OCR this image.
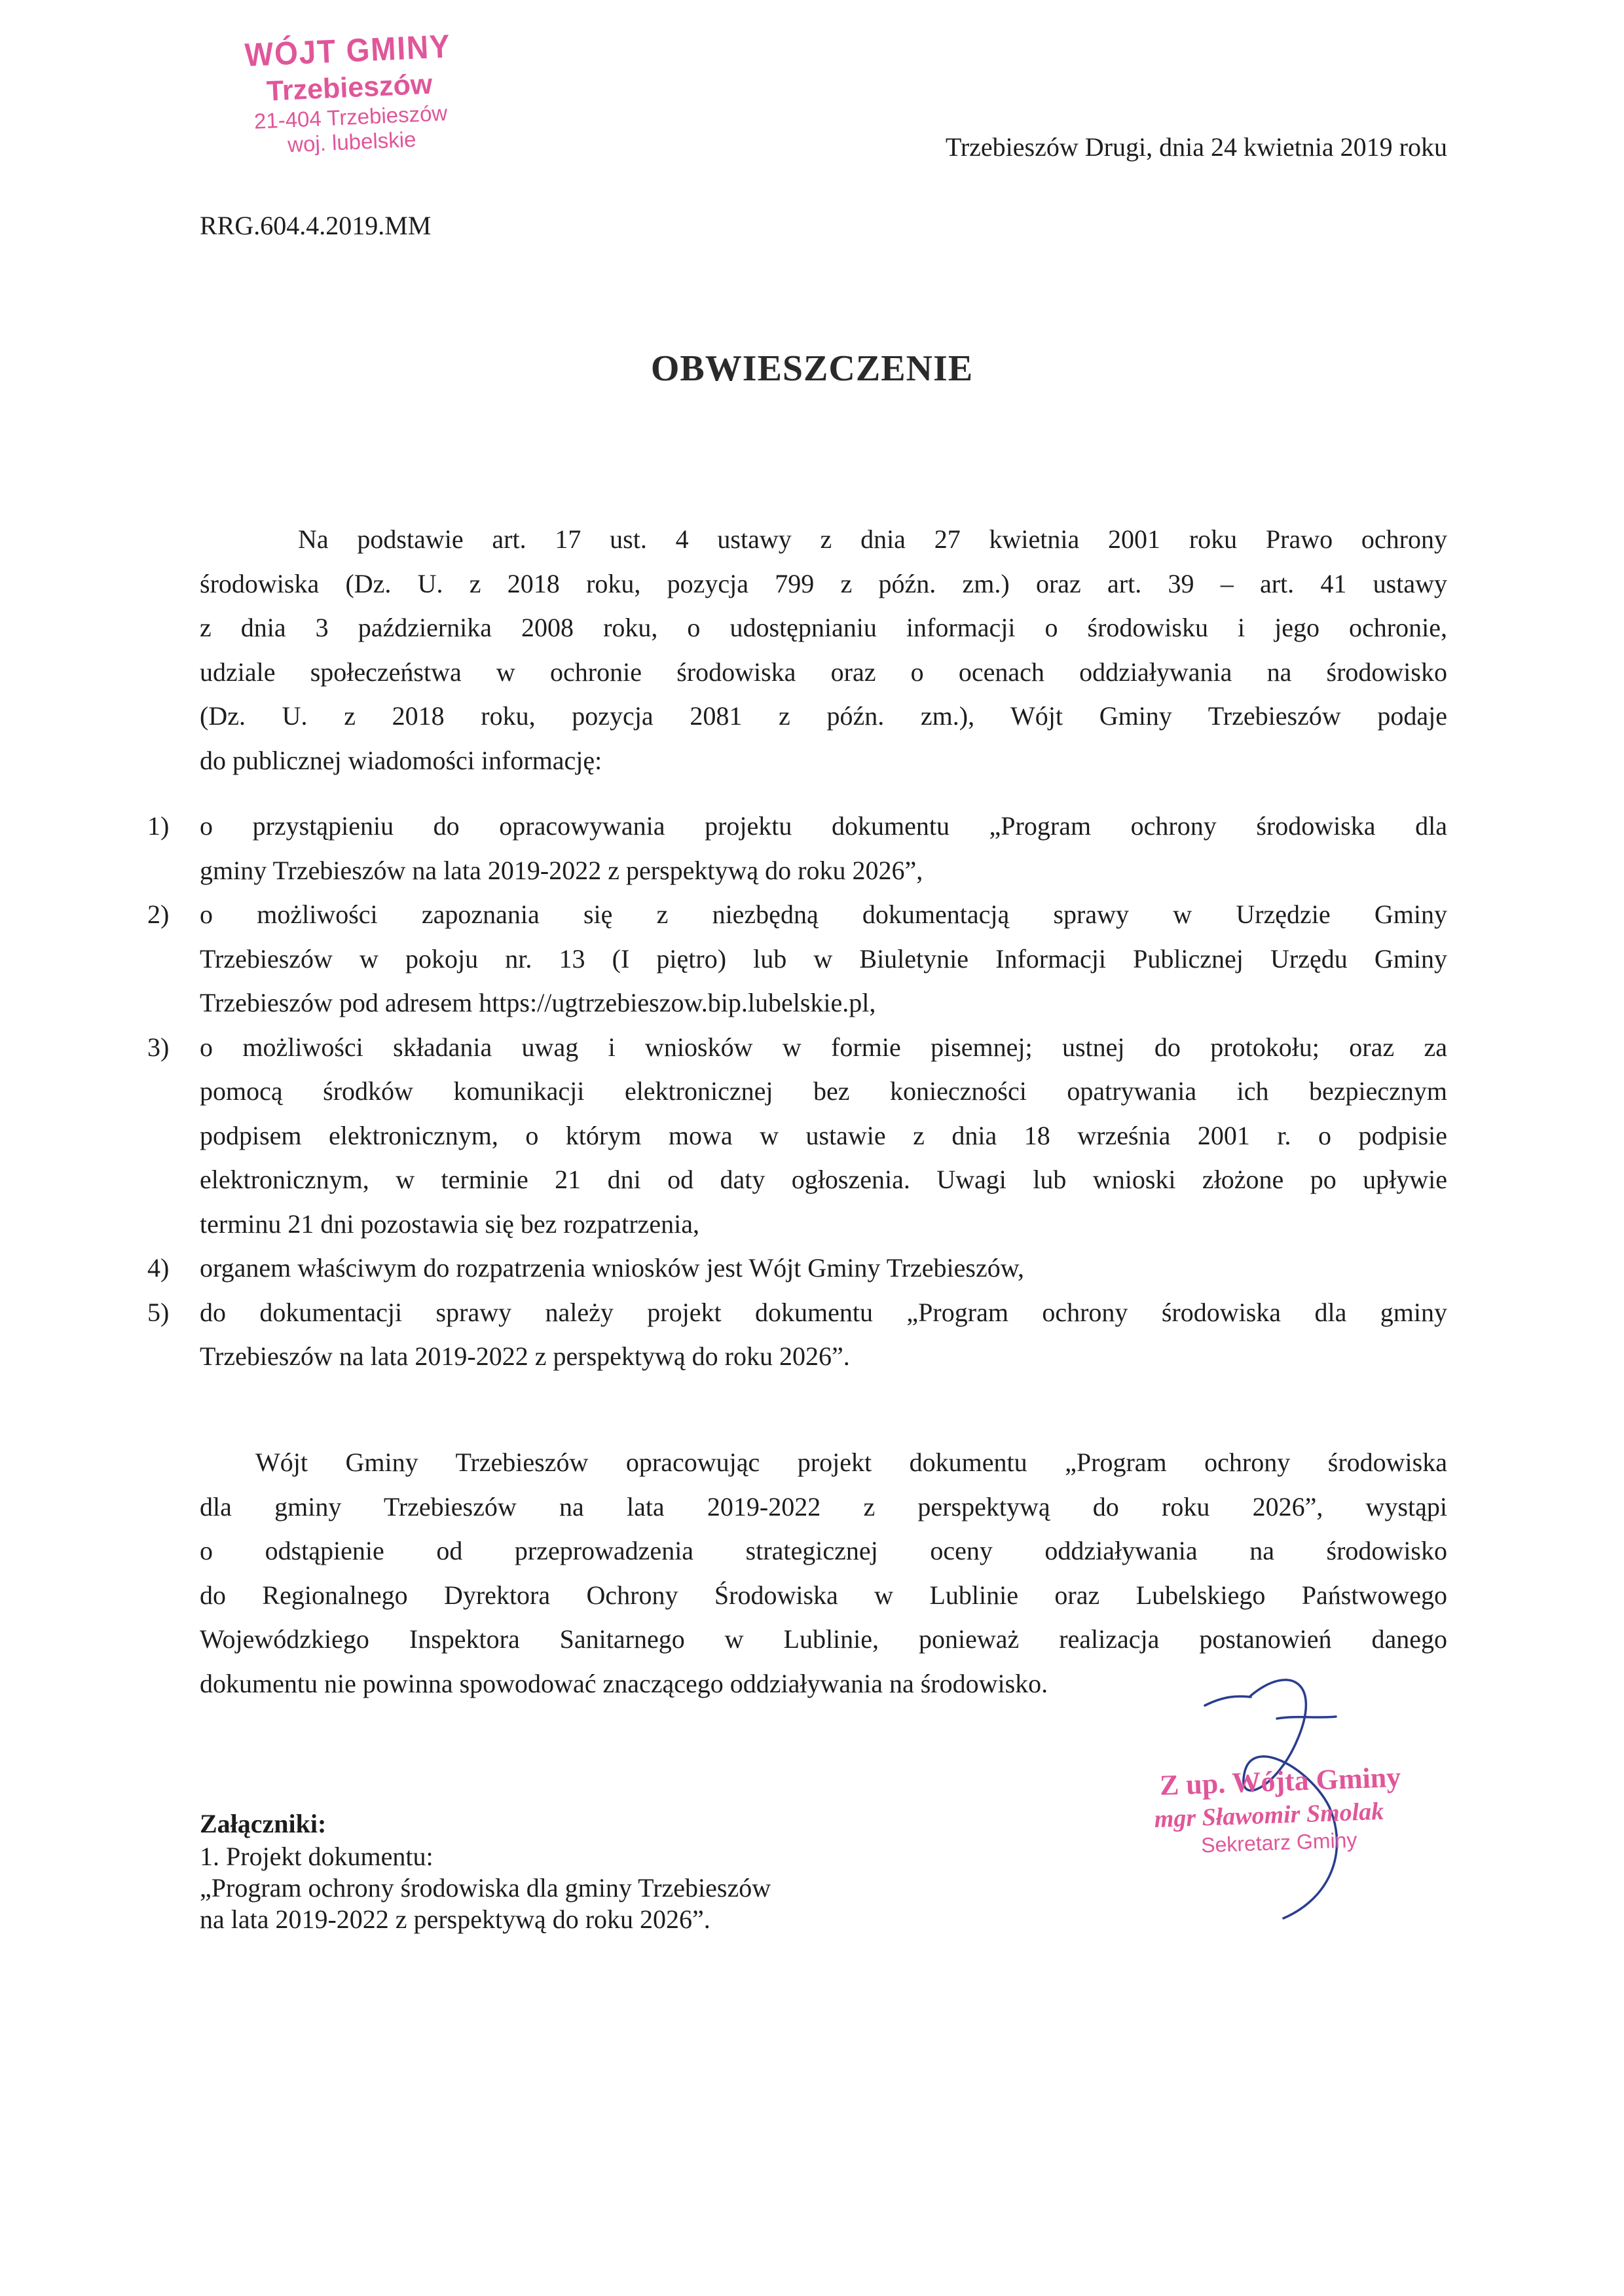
WÓJT GMINY
Trzebieszów
21-404 Trzebieszów
woj. lubelskie	Trzebieszów Drugi, dnia 24 kwietnia 2019 roku
RRG.604.4.2019.MM
OBWIESZCZENIE
Na podstawie art. 17 ust. 4 ustawy z dnia 27 kwietnia 2001 roku Prawo ochrony
środowiska (Dz. U. z 2018 roku, pozycja 799 z późn. zm.) oraz art. 39 – art. 41 ustawy
z dnia 3 października 2008 roku, o udostępnianiu informacji o środowisku i jego ochronie,
udziale społeczeństwa w ochronie środowiska oraz o ocenach oddziaływania na środowisko
(Dz. U. z 2018 roku, pozycja 2081 z późn. zm.), Wójt Gminy Trzebieszów podaje
do publicznej wiadomości informację:
1) o przystąpieniu do opracowywania projektu dokumentu „Program ochrony środowiska dla
gminy Trzebieszów na lata 2019-2022 z perspektywą do roku 2026”,
2) o możliwości zapoznania się z niezbędną dokumentacją sprawy w Urzędzie Gminy
Trzebieszów w pokoju nr. 13 (I piętro) lub w Biuletynie Informacji Publicznej Urzędu Gminy
Trzebieszów pod adresem https://ugtrzebieszow.bip.lubelskie.pl,
3) o możliwości składania uwag i wniosków w formie pisemnej; ustnej do protokołu; oraz za
pomocą środków komunikacji elektronicznej bez konieczności opatrywania ich bezpiecznym
podpisem elektronicznym, o którym mowa w ustawie z dnia 18 września 2001 r. o podpisie
elektronicznym, w terminie 21 dni od daty ogłoszenia. Uwagi lub wnioski złożone po upływie
terminu 21 dni pozostawia się bez rozpatrzenia,
4) organem właściwym do rozpatrzenia wniosków jest Wójt Gminy Trzebieszów,
5) do dokumentacji sprawy należy projekt dokumentu „Program ochrony środowiska dla gminy
Trzebieszów na lata 2019-2022 z perspektywą do roku 2026”.
Wójt Gminy Trzebieszów opracowując projekt dokumentu „Program ochrony środowiska
dla gminy Trzebieszów na lata 2019-2022 z perspektywą do roku 2026”, wystąpi
o odstąpienie od przeprowadzenia strategicznej oceny oddziaływania na środowisko
do Regionalnego Dyrektora Ochrony Środowiska w Lublinie oraz Lubelskiego Państwowego
Wojewódzkiego Inspektora Sanitarnego w Lublinie, ponieważ realizacja postanowień danego
dokumentu nie powinna spowodować znaczącego oddziaływania na środowisko.
Z up. Wójta Gminy
mgr Sławomir Smolak
Sekretarz Gminy
Załączniki:
1. Projekt dokumentu:
„Program ochrony środowiska dla gminy Trzebieszów
na lata 2019-2022 z perspektywą do roku 2026”.
